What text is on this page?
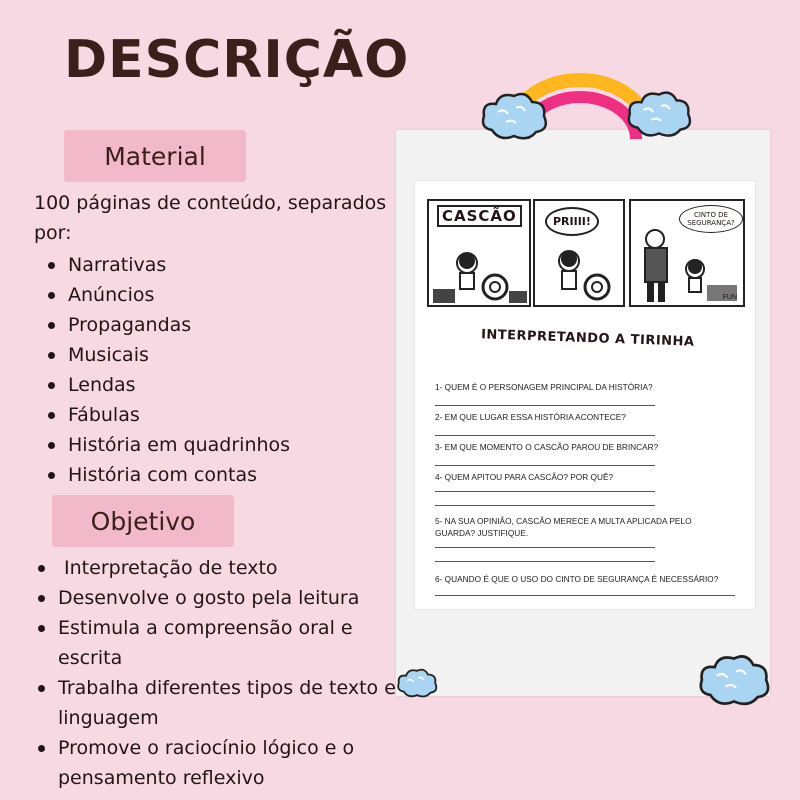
DESCRIÇÃO
Material

100 páginas de conteúdo, separados por:

Narrativas
Anúncios
Propagandas
Musicais
Lendas
Fábulas
História em quadrinhos
História com contas
Objetivo
Interpretação de texto
Desenvolve o gosto pela leitura
Estimula a compreensão oral e escrita
Trabalha diferentes tipos de texto e linguagem
Promove o raciocínio lógico e o pensamento reflexivo
CASCÃO	PRIIII!	CINTO DE SEGURANÇA?
FUN
INTERPRETANDO A TIRINHA
1- QUEM É O PERSONAGEM PRINCIPAL DA HISTÓRIA?
2- EM QUE LUGAR ESSA HISTÓRIA ACONTECE?
3- EM QUE MOMENTO O CASCÃO PAROU DE BRINCAR?
4- QUEM APITOU PARA CASCÃO? POR QUÊ?
5- NA SUA OPINIÃO, CASCÃO MERECE A MULTA APLICADA PELO GUARDA? JUSTIFIQUE.
6- QUANDO É QUE O USO DO CINTO DE SEGURANÇA É NECESSÁRIO?
